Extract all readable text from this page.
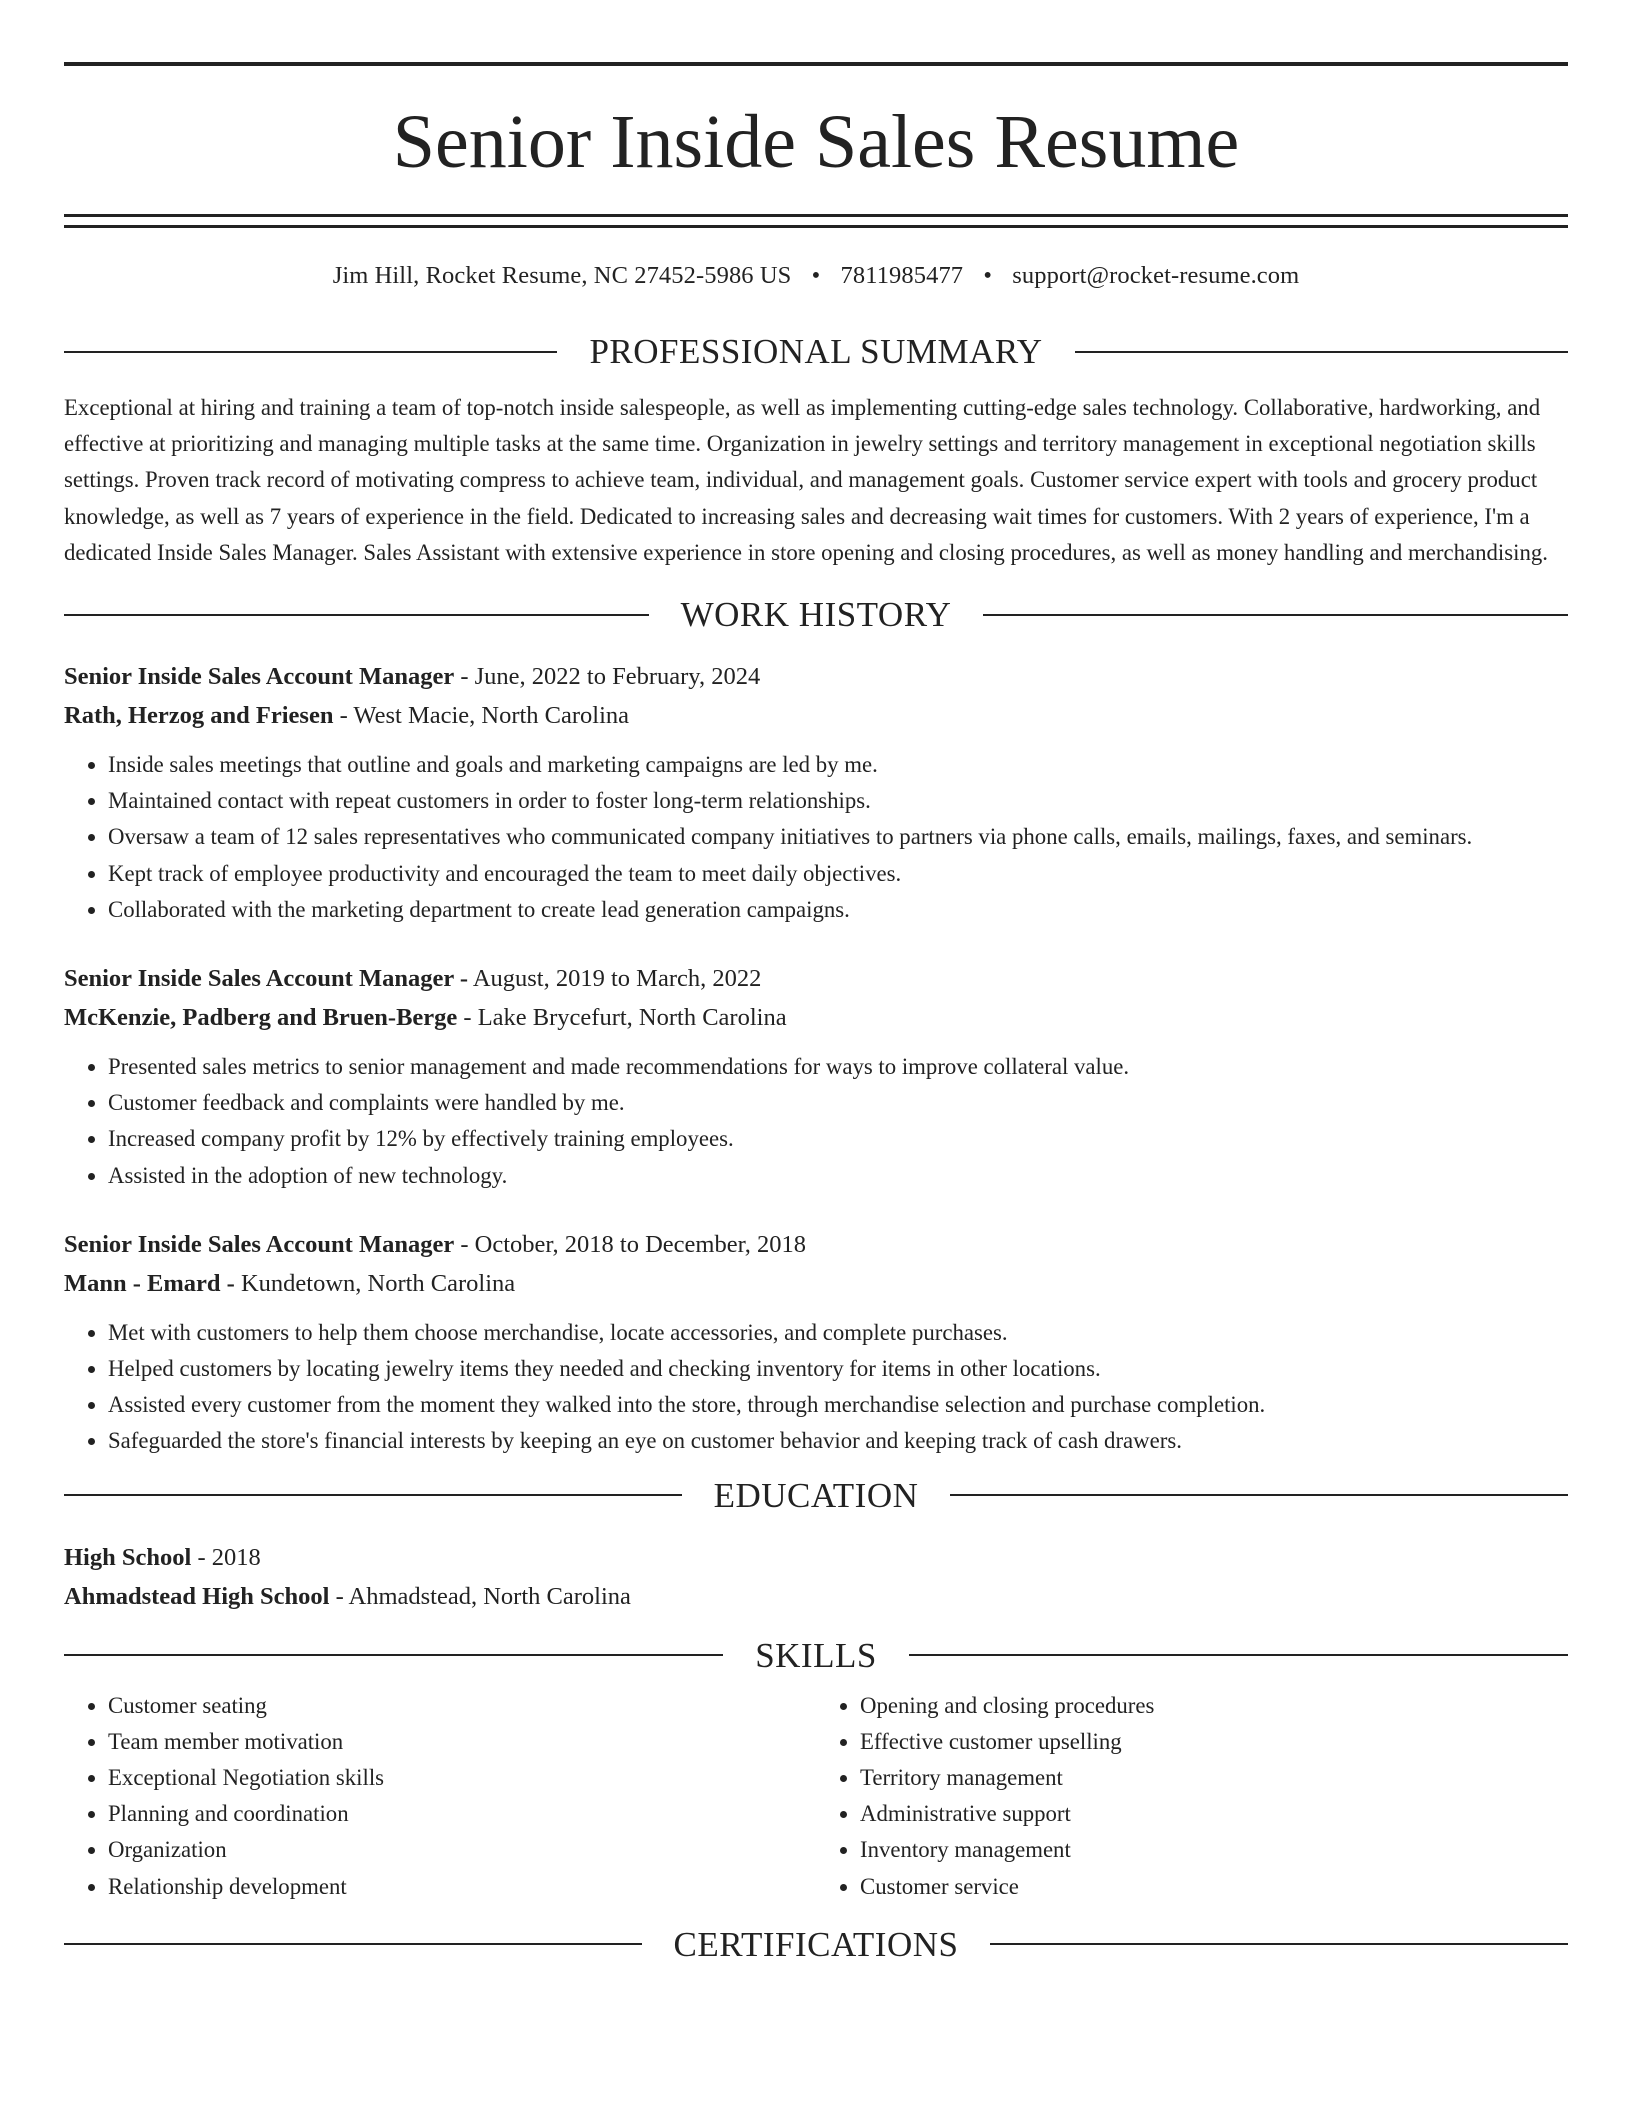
Senior Inside Sales Resume
Jim Hill, Rocket Resume, NC 27452-5986 US • 7811985477 • support@rocket-resume.com
PROFESSIONAL SUMMARY

Exceptional at hiring and training a team of top-notch inside salespeople, as well as implementing cutting-edge sales technology. Collaborative, hardworking, and effective at prioritizing and managing multiple tasks at the same time. Organization in jewelry settings and territory management in exceptional negotiation skills settings. Proven track record of motivating compress to achieve team, individual, and management goals. Customer service expert with tools and grocery product knowledge, as well as 7 years of experience in the field. Dedicated to increasing sales and decreasing wait times for customers. With 2 years of experience, I'm a dedicated Inside Sales Manager. Sales Assistant with extensive experience in store opening and closing procedures, as well as money handling and merchandising.

WORK HISTORY
Senior Inside Sales Account Manager - June, 2022 to February, 2024
Rath, Herzog and Friesen - West Macie, North Carolina
• Inside sales meetings that outline and goals and marketing campaigns are led by me.
• Maintained contact with repeat customers in order to foster long-term relationships.
• Oversaw a team of 12 sales representatives who communicated company initiatives to partners via phone calls, emails, mailings, faxes, and seminars.
• Kept track of employee productivity and encouraged the team to meet daily objectives.
• Collaborated with the marketing department to create lead generation campaigns.
Senior Inside Sales Account Manager - August, 2019 to March, 2022
McKenzie, Padberg and Bruen-Berge - Lake Brycefurt, North Carolina
• Presented sales metrics to senior management and made recommendations for ways to improve collateral value.
• Customer feedback and complaints were handled by me.
• Increased company profit by 12% by effectively training employees.
• Assisted in the adoption of new technology.
Senior Inside Sales Account Manager - October, 2018 to December, 2018
Mann - Emard - Kundetown, North Carolina
• Met with customers to help them choose merchandise, locate accessories, and complete purchases.
• Helped customers by locating jewelry items they needed and checking inventory for items in other locations.
• Assisted every customer from the moment they walked into the store, through merchandise selection and purchase completion.
• Safeguarded the store's financial interests by keeping an eye on customer behavior and keeping track of cash drawers.
EDUCATION
High School - 2018
Ahmadstead High School - Ahmadstead, North Carolina
SKILLS
• Customer seating
• Team member motivation
• Exceptional Negotiation skills
• Planning and coordination
• Organization
• Relationship development
• Opening and closing procedures
• Effective customer upselling
• Territory management
• Administrative support
• Inventory management
• Customer service
CERTIFICATIONS
